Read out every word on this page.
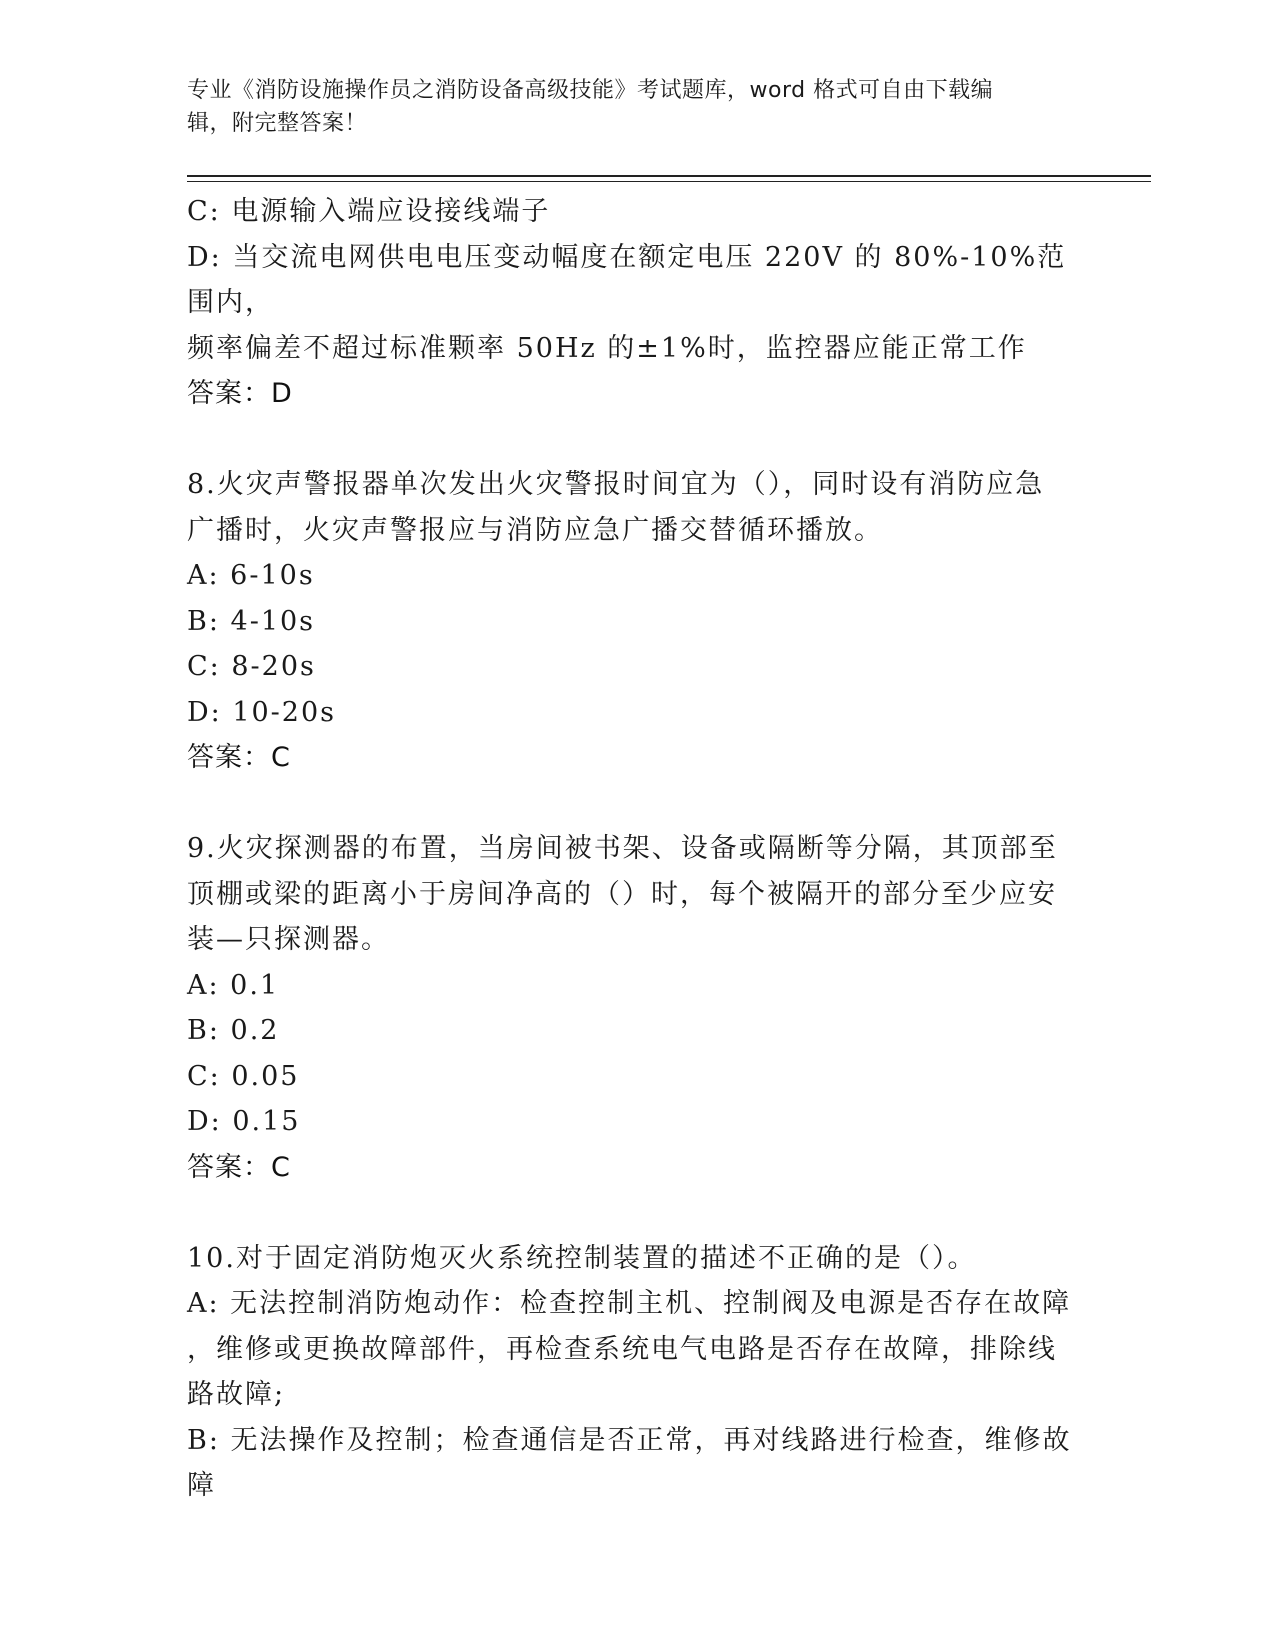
专业《消防设施操作员之消防设备高级技能》考试题库，word 格式可自由下载编
辑，附完整答案！

C: 电源输入端应设接线端子

D: 当交流电网供电电压变动幅度在额定电压 220V 的 80%-10%范围内，

频率偏差不超过标准颗率 50Hz 的±1%时，监控器应能正常工作

答案：D

8.火灾声警报器单次发出火灾警报时间宜为（），同时设有消防应急

广播时，火灾声警报应与消防应急广播交替循环播放。

A: 6-10s

B: 4-10s

C: 8-20s

D: 10-20s

答案：C

9.火灾探测器的布置，当房间被书架、设备或隔断等分隔，其顶部至

顶棚或梁的距离小于房间净高的（）时，每个被隔开的部分至少应安

装—只探测器。

A: 0.1

B: 0.2

C: 0.05

D: 0.15

答案：C

10.对于固定消防炮灭火系统控制装置的描述不正确的是（）。

A: 无法控制消防炮动作：检查控制主机、控制阀及电源是否存在故障

，维修或更换故障部件，再检查系统电气电路是否存在故障，排除线

路故障;

B: 无法操作及控制；检查通信是否正常，再对线路进行检查，维修故

障
